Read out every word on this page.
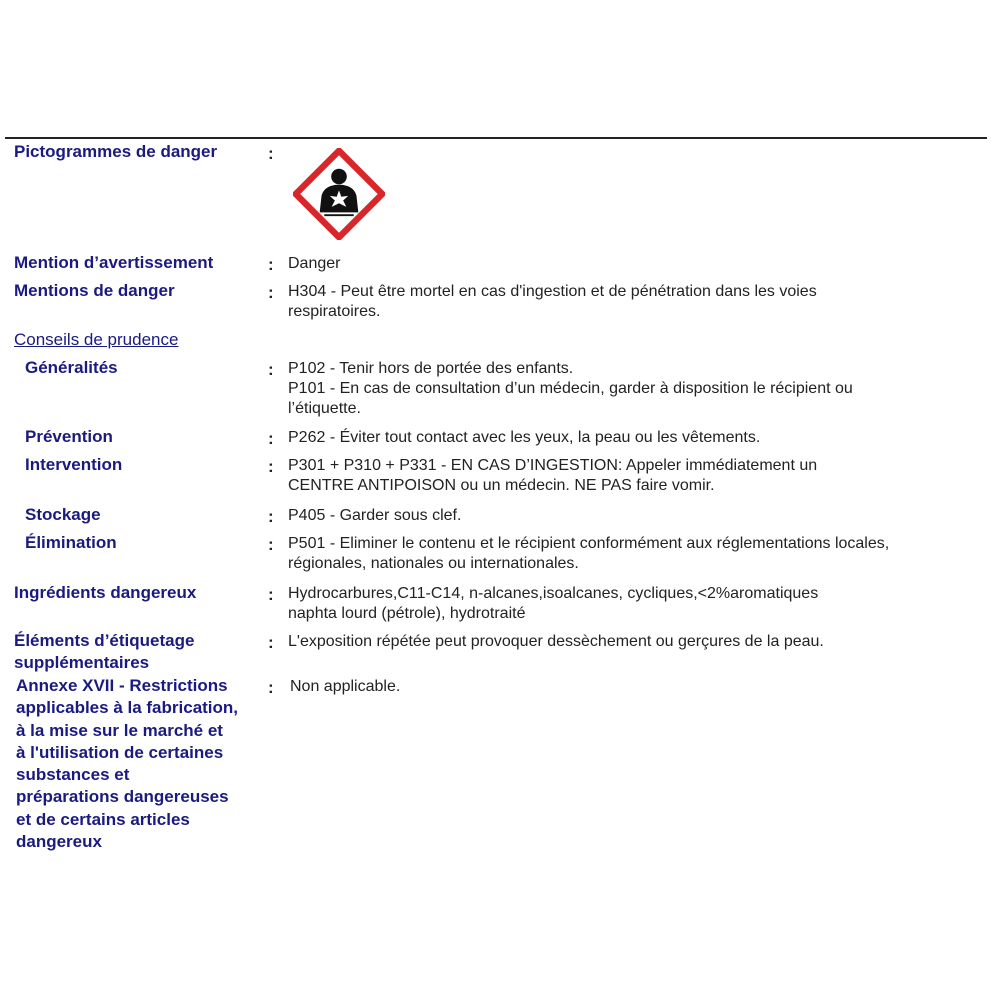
Pictogrammes de danger	:
Mention d’avertissement	: Danger
Mentions de danger	: H304 - Peut être mortel en cas d'ingestion et de pénétration dans les voies

respiratoires.

Conseils de prudence
Généralités	: P102 - Tenir hors de portée des enfants.

P101 - En cas de consultation d’un médecin, garder à disposition le récipient ou

l’étiquette.

Prévention	: P262 - Éviter tout contact avec les yeux, la peau ou les vêtements.

Intervention	: P301 + P310 + P331 - EN CAS D’INGESTION: Appeler immédiatement un

CENTRE ANTIPOISON ou un médecin. NE PAS faire vomir.

Stockage	: P405 - Garder sous clef.

Élimination	: P501 - Eliminer le contenu et le récipient conformément aux réglementations locales,

régionales, nationales ou internationales.

Ingrédients dangereux	: Hydrocarbures,C11-C14, n-alcanes,isoalcanes, cycliques,<2%aromatiques

naphta lourd (pétrole), hydrotraité

Éléments d’étiquetage
supplémentaires
: L'exposition répétée peut provoquer dessèchement ou gerçures de la peau.

Annexe XVII - Restrictions
applicables à la fabrication,
à la mise sur le marché et
à l'utilisation de certaines
substances et
préparations dangereuses
et de certains articles
dangereux
: Non applicable.
